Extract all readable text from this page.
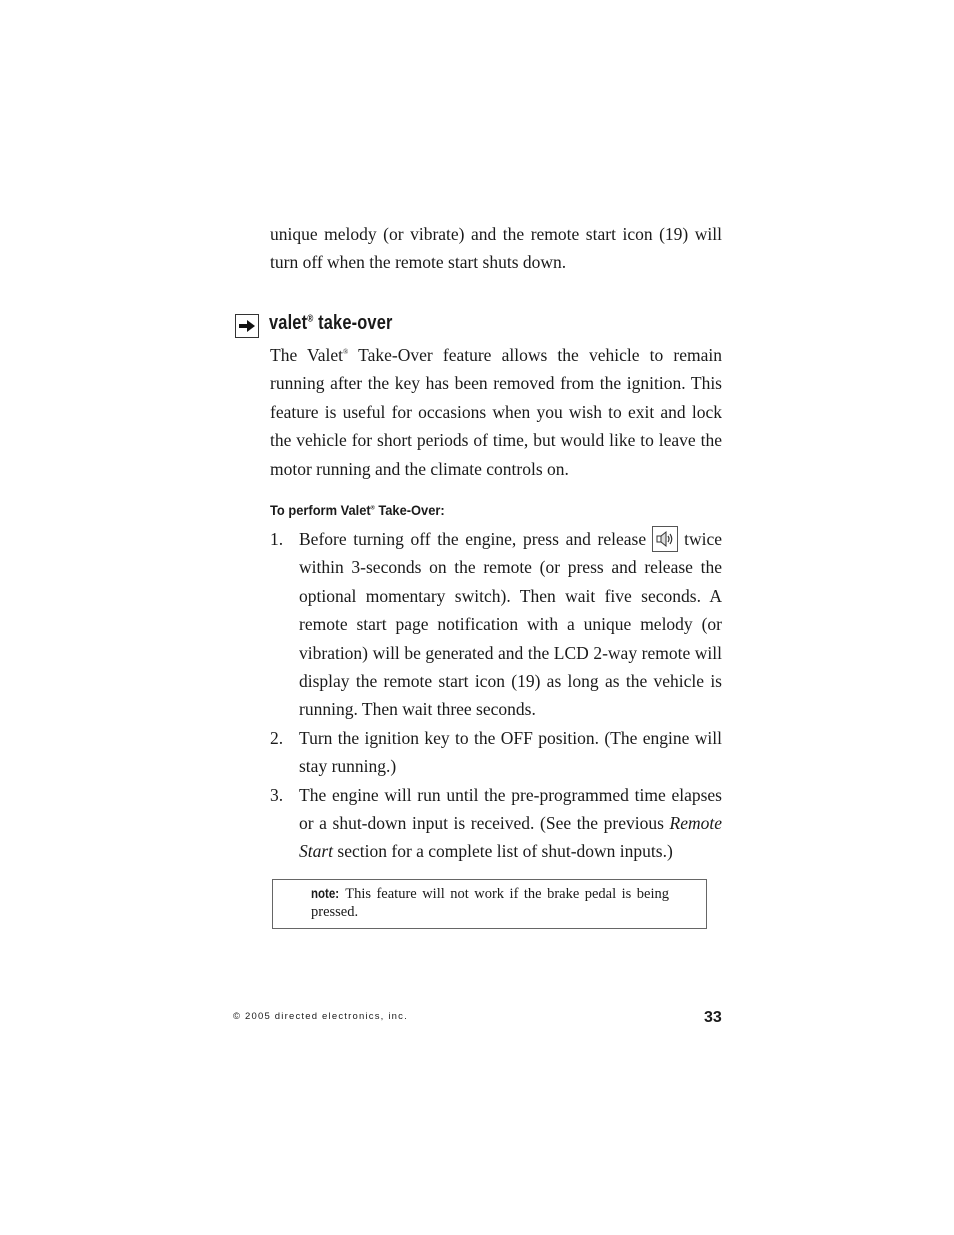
unique melody (or vibrate) and the remote start icon (19) will turn off when the remote start shuts down.
valet® take-over
The Valet® Take-Over feature allows the vehicle to remain running after the key has been removed from the ignition. This feature is useful for occasions when you wish to exit and lock the vehicle for short periods of time, but would like to leave the motor running and the climate controls on.
To perform Valet® Take-Over:
1. Before turning off the engine, press and release twice within 3-seconds on the remote (or press and release the optional momentary switch). Then wait five seconds. A remote start page notification with a unique melody (or vibration) will be generated and the LCD 2-way remote will display the remote start icon (19) as long as the vehicle is running. Then wait three seconds.
2. Turn the ignition key to the OFF position. (The engine will stay running.)
3. The engine will run until the pre-programmed time elapses or a shut-down input is received. (See the previous Remote Start section for a complete list of shut-down inputs.)
note: This feature will not work if the brake pedal is being pressed.
© 2005 directed electronics, inc.	33
